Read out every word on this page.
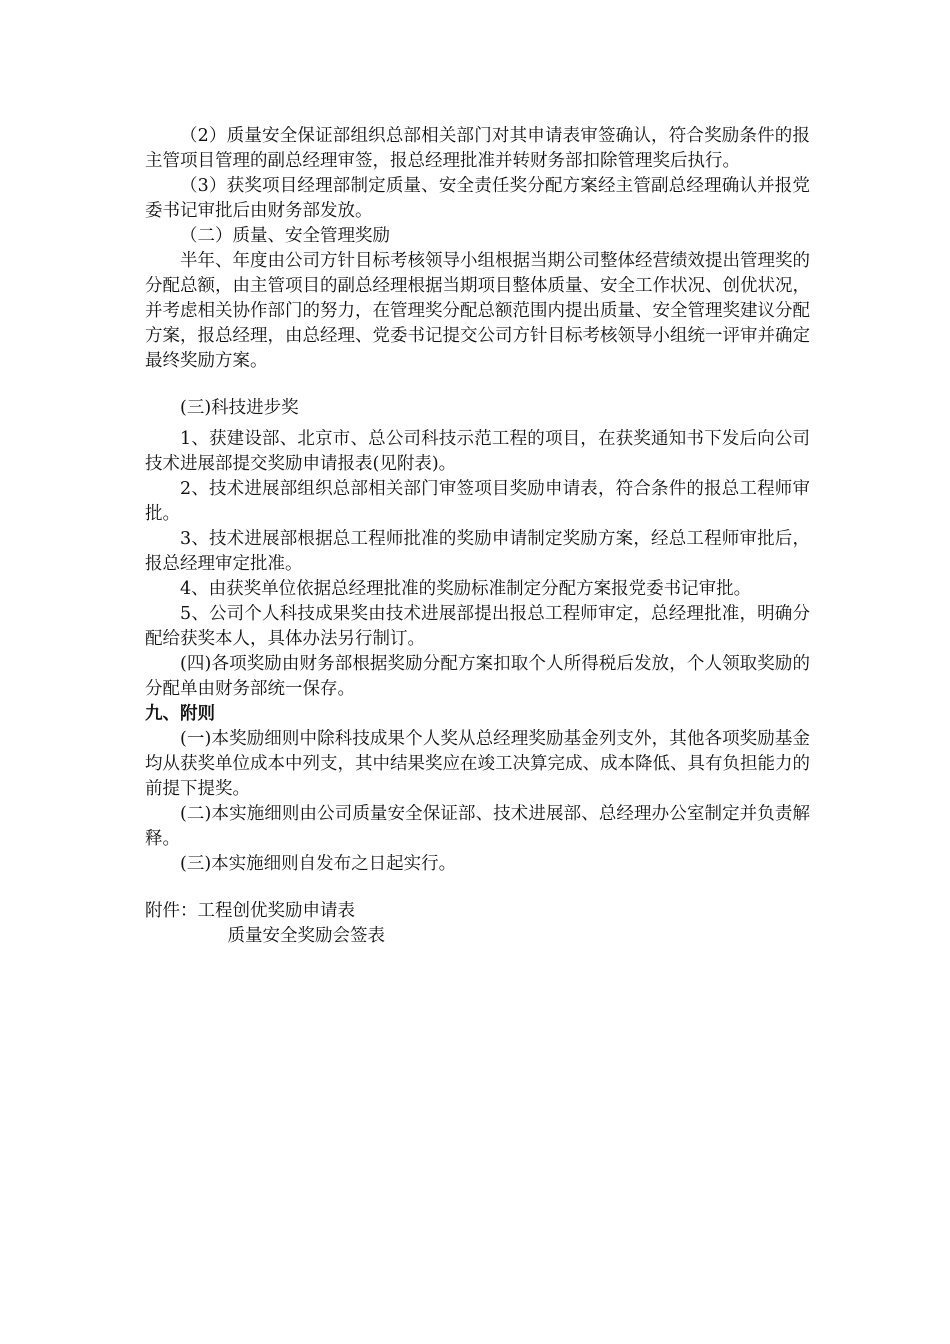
（2）质量安全保证部组织总部相关部门对其申请表审签确认，符合奖励条件的报主管项目管理的副总经理审签，报总经理批准并转财务部扣除管理奖后执行。

（3）获奖项目经理部制定质量、安全责任奖分配方案经主管副总经理确认并报党委书记审批后由财务部发放。

（二）质量、安全管理奖励

半年、年度由公司方针目标考核领导小组根据当期公司整体经营绩效提出管理奖的分配总额，由主管项目的副总经理根据当期项目整体质量、安全工作状况、创优状况，并考虑相关协作部门的努力，在管理奖分配总额范围内提出质量、安全管理奖建议分配方案，报总经理，由总经理、党委书记提交公司方针目标考核领导小组统一评审并确定最终奖励方案。

(三)科技进步奖

1、获建设部、北京市、总公司科技示范工程的项目，在获奖通知书下发后向公司技术进展部提交奖励申请报表(见附表)。

2、技术进展部组织总部相关部门审签项目奖励申请表，符合条件的报总工程师审批。

3、技术进展部根据总工程师批准的奖励申请制定奖励方案，经总工程师审批后，报总经理审定批准。

4、由获奖单位依据总经理批准的奖励标准制定分配方案报党委书记审批。

5、公司个人科技成果奖由技术进展部提出报总工程师审定，总经理批准，明确分配给获奖本人，具体办法另行制订。

(四)各项奖励由财务部根据奖励分配方案扣取个人所得税后发放，个人领取奖励的分配单由财务部统一保存。

九、附则

(一)本奖励细则中除科技成果个人奖从总经理奖励基金列支外，其他各项奖励基金均从获奖单位成本中列支，其中结果奖应在竣工决算完成、成本降低、具有负担能力的前提下提奖。

(二)本实施细则由公司质量安全保证部、技术进展部、总经理办公室制定并负责解释。

(三)本实施细则自发布之日起实行。

附件： 工程创优奖励申请表
质量安全奖励会签表
